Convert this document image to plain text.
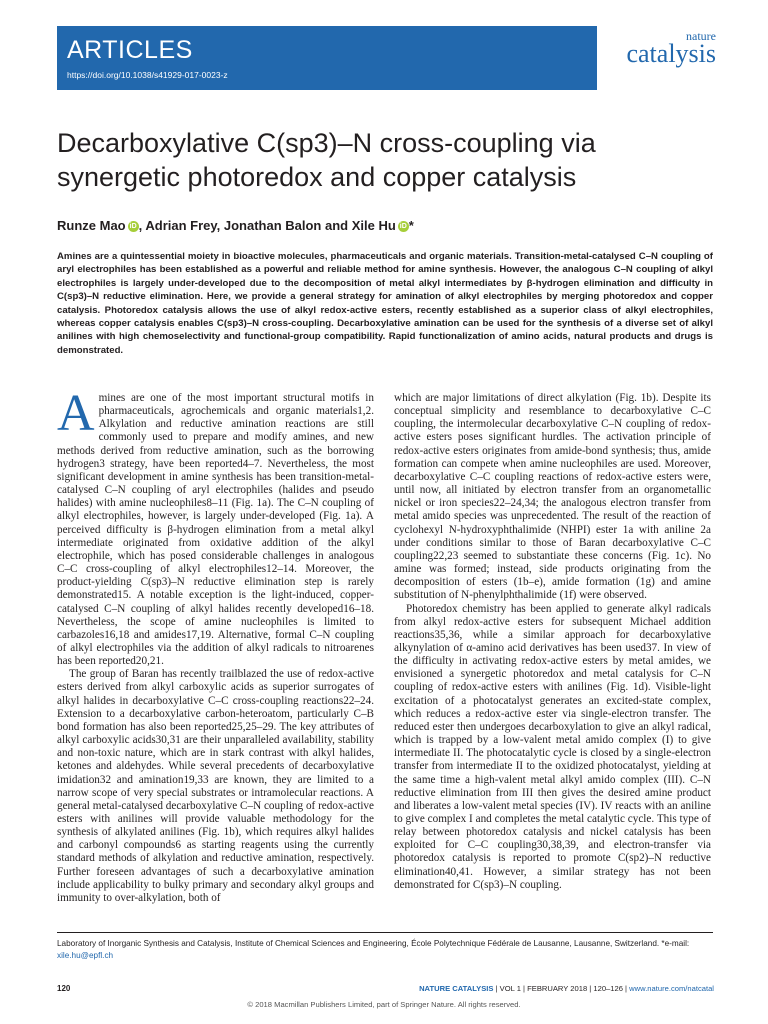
ARTICLES
https://doi.org/10.1038/s41929-017-0023-z
nature
catalysis
Decarboxylative C(sp3)–N cross-coupling via synergetic photoredox and copper catalysis
Runze Mao iD , Adrian Frey, Jonathan Balon and Xile Hu iD *

Amines are a quintessential moiety in bioactive molecules, pharmaceuticals and organic materials. Transition-metal-catalysed C–N coupling of aryl electrophiles has been established as a powerful and reliable method for amine synthesis. However, the analogous C–N coupling of alkyl electrophiles is largely under-developed due to the decomposition of metal alkyl intermediates by β-hydrogen elimination and difficulty in C(sp3)–N reductive elimination. Here, we provide a general strategy for amination of alkyl electrophiles by merging photoredox and copper catalysis. Photoredox catalysis allows the use of alkyl redox-active esters, recently established as a superior class of alkyl electrophiles, whereas copper catalysis enables C(sp3)–N cross-coupling. Decarboxylative amination can be used for the synthesis of a diverse set of alkyl anilines with high chemoselectivity and functional-group compatibility. Rapid functionalization of amino acids, natural products and drugs is demonstrated.

Amines are one of the most important structural motifs in pharmaceuticals, agrochemicals and organic materials1,2. Alkylation and reductive amination reactions are still commonly used to prepare and modify amines, and new methods derived from reductive amination, such as the borrowing hydrogen3 strategy, have been reported4–7. Nevertheless, the most significant development in amine synthesis has been transition-metal-catalysed C–N coupling of aryl electrophiles (halides and pseudo halides) with amine nucleophiles8–11 (Fig. 1a). The C–N coupling of alkyl electrophiles, however, is largely under-developed (Fig. 1a). A perceived difficulty is β-hydrogen elimination from a metal alkyl intermediate originated from oxidative addition of the alkyl electrophile, which has posed considerable challenges in analogous C–C cross-coupling of alkyl electrophiles12–14. Moreover, the product-yielding C(sp3)–N reductive elimination step is rarely demonstrated15. A notable exception is the light-induced, copper-catalysed C–N coupling of alkyl halides recently developed16–18. Nevertheless, the scope of amine nucleophiles is limited to carbazoles16,18 and amides17,19. Alternative, formal C–N coupling of alkyl electrophiles via the addition of alkyl radicals to nitroarenes has been reported20,21.

The group of Baran has recently trailblazed the use of redox-active esters derived from alkyl carboxylic acids as superior surrogates of alkyl halides in decarboxylative C–C cross-coupling reactions22–24. Extension to a decarboxylative carbon-heteroatom, particularly C–B bond formation has also been reported25,25–29. The key attributes of alkyl carboxylic acids30,31 are their unparalleled availability, stability and non-toxic nature, which are in stark contrast with alkyl halides, ketones and aldehydes. While several precedents of decarboxylative imidation32 and amination19,33 are known, they are limited to a narrow scope of very special substrates or intramolecular reactions. A general metal-catalysed decarboxylative C–N coupling of redox-active esters with anilines will provide valuable methodology for the synthesis of alkylated anilines (Fig. 1b), which requires alkyl halides and carbonyl compounds6 as starting reagents using the currently standard methods of alkylation and reductive amination, respectively. Further foreseen advantages of such a decarboxylative amination include applicability to bulky primary and secondary alkyl groups and immunity to over-alkylation, both of

which are major limitations of direct alkylation (Fig. 1b). Despite its conceptual simplicity and resemblance to decarboxylative C–C coupling, the intermolecular decarboxylative C–N coupling of redox-active esters poses significant hurdles. The activation principle of redox-active esters originates from amide-bond synthesis; thus, amide formation can compete when amine nucleophiles are used. Moreover, decarboxylative C–C coupling reactions of redox-active esters were, until now, all initiated by electron transfer from an organometallic nickel or iron species22–24,34; the analogous electron transfer from metal amido species was unprecedented. The result of the reaction of cyclohexyl N-hydroxyphthalimide (NHPI) ester 1a with aniline 2a under conditions similar to those of Baran decarboxylative C–C coupling22,23 seemed to substantiate these concerns (Fig. 1c). No amine was formed; instead, side products originating from the decomposition of esters (1b–e), amide formation (1g) and amine substitution of N-phenylphthalimide (1f) were observed.

Photoredox chemistry has been applied to generate alkyl radicals from alkyl redox-active esters for subsequent Michael addition reactions35,36, while a similar approach for decarboxylative alkynylation of α-amino acid derivatives has been used37. In view of the difficulty in activating redox-active esters by metal amides, we envisioned a synergetic photoredox and metal catalysis for C–N coupling of redox-active esters with anilines (Fig. 1d). Visible-light excitation of a photocatalyst generates an excited-state complex, which reduces a redox-active ester via single-electron transfer. The reduced ester then undergoes decarboxylation to give an alkyl radical, which is trapped by a low-valent metal amido complex (I) to give intermediate II. The photocatalytic cycle is closed by a single-electron transfer from intermediate II to the oxidized photocatalyst, yielding at the same time a high-valent metal alkyl amido complex (III). C–N reductive elimination from III then gives the desired amine product and liberates a low-valent metal species (IV). IV reacts with an aniline to give complex I and completes the metal catalytic cycle. This type of relay between photoredox catalysis and nickel catalysis has been exploited for C–C coupling30,38,39, and electron-transfer via photoredox catalysis is reported to promote C(sp2)–N reductive elimination40,41. However, a similar strategy has not been demonstrated for C(sp3)–N coupling.

Laboratory of Inorganic Synthesis and Catalysis, Institute of Chemical Sciences and Engineering, École Polytechnique Fédérale de Lausanne, Lausanne, Switzerland. *e-mail: xile.hu@epfl.ch
120	NATURE CATALYSIS | VOL 1 | FEBRUARY 2018 | 120–126 | www.nature.com/natcatal
© 2018 Macmillan Publishers Limited, part of Springer Nature. All rights reserved.
